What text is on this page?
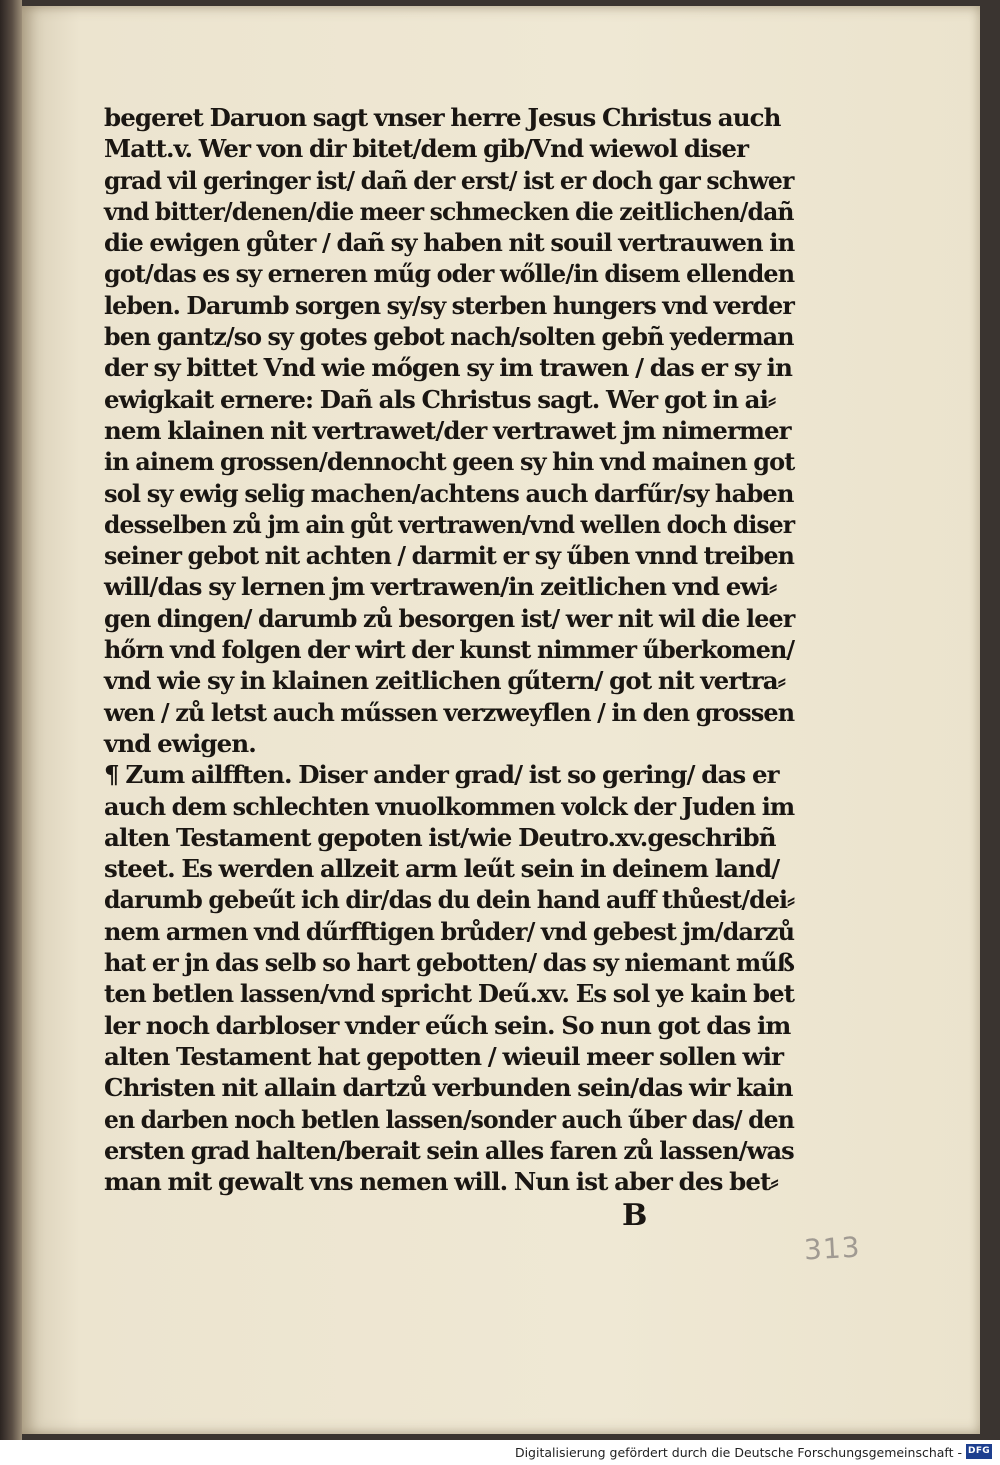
begeret Daruon sagt vnser herre Jesus Christus auch
Matt.v. Wer von dir bitet/dem gib/Vnd wiewol diser
grad vil geringer ist/ dañ der erst/ ist er doch gar schwer
vnd bitter/denen/die meer schmecken die zeitlichen/dañ
die ewigen gůter / dañ sy haben nit souil vertrauwen in
got/das es sy erneren műg oder wőlle/in disem ellenden
leben. Darumb sorgen sy/sy sterben hungers vnd verder
ben gantz/so sy gotes gebot nach/solten gebñ yederman
der sy bittet Vnd wie mőgen sy im trawen / das er sy in
ewigkait ernere: Dañ als Christus sagt. Wer got in ai⸗
nem klainen nit vertrawet/der vertrawet jm nimermer
in ainem grossen/dennocht geen sy hin vnd mainen got
sol sy ewig selig machen/achtens auch darfűr/sy haben
desselben zů jm ain gůt vertrawen/vnd wellen doch diser
seiner gebot nit achten / darmit er sy űben vnnd treiben
will/das sy lernen jm vertrawen/in zeitlichen vnd ewi⸗
gen dingen/ darumb zů besorgen ist/ wer nit wil die leer
hőrn vnd folgen der wirt der kunst nimmer űberkomen/
vnd wie sy in klainen zeitlichen gűtern/ got nit vertra⸗
wen / zů letst auch műssen verzweyflen / in den grossen
vnd ewigen.
¶ Zum ailfften. Diser ander grad/ ist so gering/ das er
auch dem schlechten vnuolkommen volck der Juden im
alten Testament gepoten ist/wie Deutro.xv.geschribñ
steet. Es werden allzeit arm leűt sein in deinem land/
darumb gebeűt ich dir/das du dein hand auff thůest/dei⸗
nem armen vnd dűrfftigen brůder/ vnd gebest jm/darzů
hat er jn das selb so hart gebotten/ das sy niemant műß
ten betlen lassen/vnd spricht Deű.xv. Es sol ye kain bet
ler noch darbloser vnder eűch sein. So nun got das im
alten Testament hat gepotten / wieuil meer sollen wir
Christen nit allain dartzů verbunden sein/das wir kain
en darben noch betlen lassen/sonder auch űber das/ den
ersten grad halten/berait sein alles faren zů lassen/was
man mit gewalt vns nemen will. Nun ist aber des bet⸗
B
313
Digitalisierung gefördert durch die Deutsche Forschungsgemeinschaft - DFG
